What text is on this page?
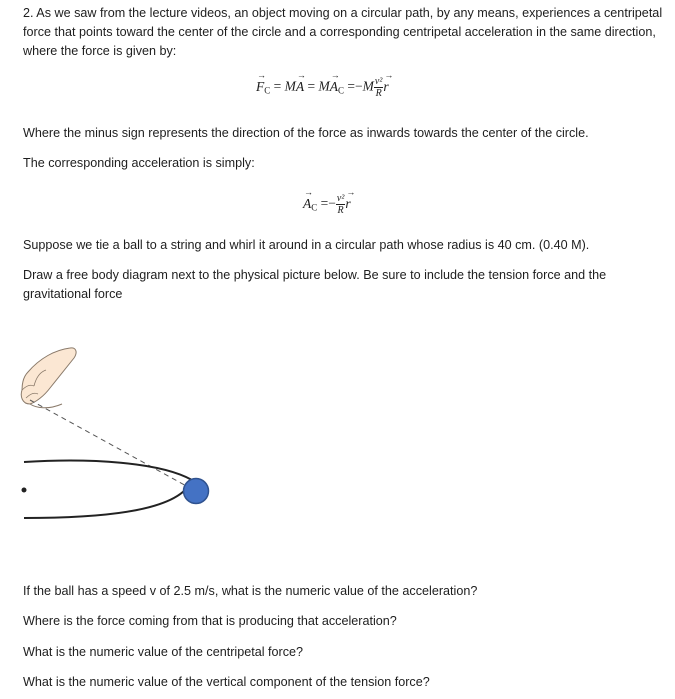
2. As we saw from the lecture videos, an object moving on a circular path, by any means, experiences a centripetal force that points toward the center of the circle and a corresponding centripetal acceleration in the same direction, where the force is given by:

→ $F_C = M\to A = M\to A_C =-M \frac{\text{v²}}{R}$
→ r

Where the minus sign represents the direction of the force as inwards towards the center of the circle.

The corresponding acceleration is simply:

→ $A_C =- \frac{\text{v²}}{R}$
→ r

Suppose we tie a ball to a string and whirl it around in a circular path whose radius is 40 cm. (0.40 M).

Draw a free body diagram next to the physical picture below. Be sure to include the tension force and the gravitational force

If the ball has a speed v of 2.5 m/s, what is the numeric value of the acceleration?

Where is the force coming from that is producing that acceleration?

What is the numeric value of the centripetal force?

What is the numeric value of the vertical component of the tension force?
